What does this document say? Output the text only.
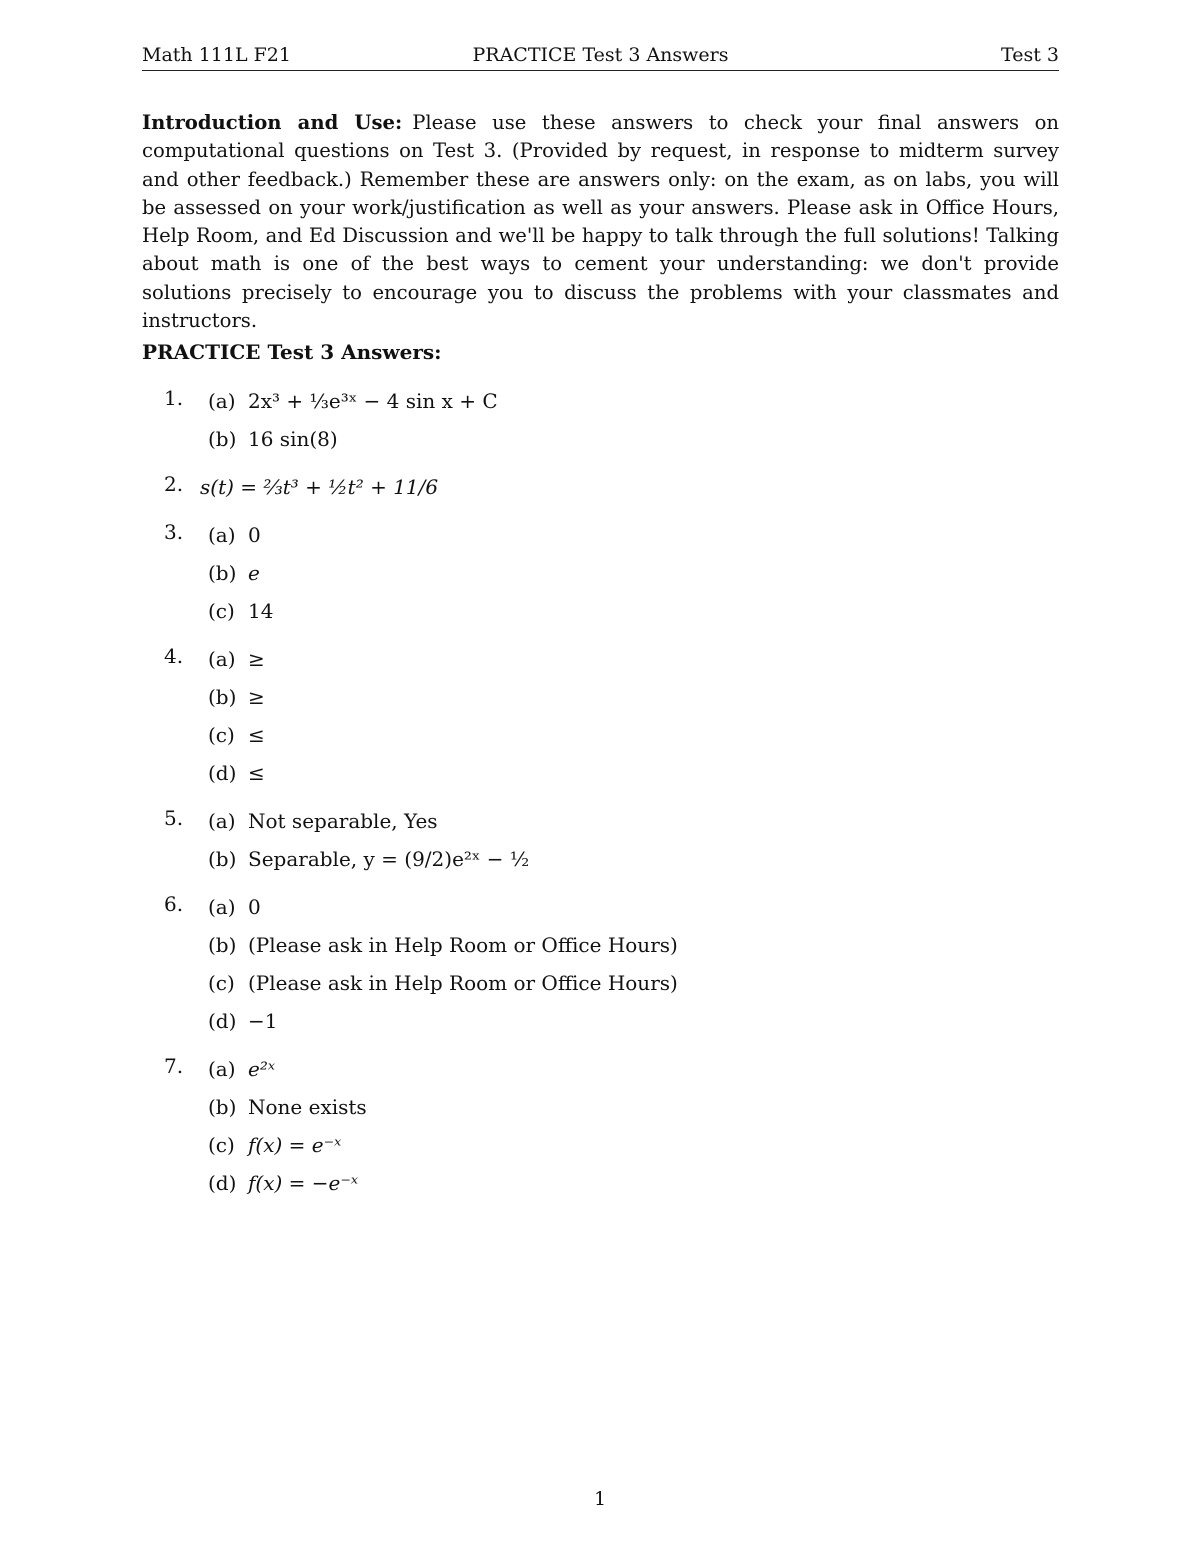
Math 111L F21	PRACTICE Test 3 Answers	Test 3

Introduction and Use: Please use these answers to check your final answers on computational questions on Test 3. (Provided by request, in response to midterm survey and other feedback.) Remember these are answers only: on the exam, as on labs, you will be assessed on your work/justification as well as your answers. Please ask in Office Hours, Help Room, and Ed Discussion and we'll be happy to talk through the full solutions! Talking about math is one of the best ways to cement your understanding: we don't provide solutions precisely to encourage you to discuss the problems with your classmates and instructors.

PRACTICE Test 3 Answers:
1. (a) 2x³ + ⅓e³ˣ − 4 sin x + C
(b) 16 sin(8)
2. s(t) = ⅔t³ + ½t² + 11/6
3. (a) 0
(b) e
(c) 14
4. (a) ≥
(b) ≥
(c) ≤
(d) ≤
5. (a) Not separable, Yes
(b) Separable, y = (9/2)e²ˣ − ½
6. (a) 0
(b) (Please ask in Help Room or Office Hours)
(c) (Please ask in Help Room or Office Hours)
(d) −1
7. (a) e²ˣ
(b) None exists
(c) f(x) = e⁻ˣ
(d) f(x) = −e⁻ˣ
1
